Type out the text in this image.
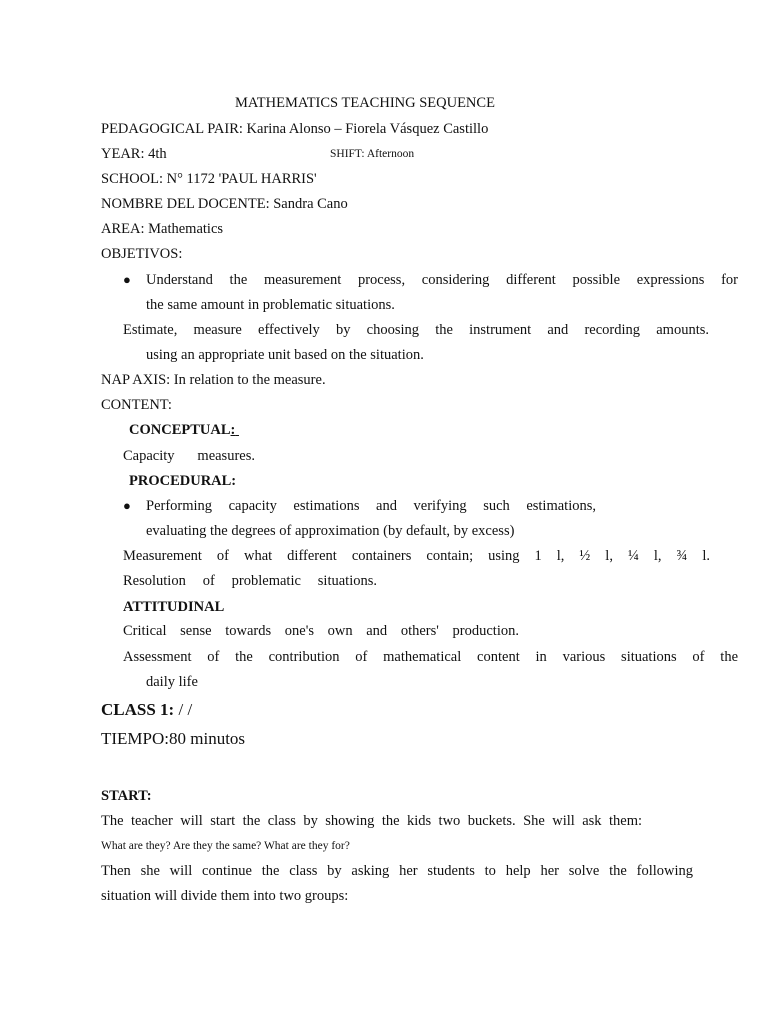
MATHEMATICS TEACHING SEQUENCE
PEDAGOGICAL PAIR: Karina Alonso – Fiorela Vásquez Castillo
YEAR: 4th	SHIFT: Afternoon
SCHOOL: N° 1172 'PAUL HARRIS'
NOMBRE DEL DOCENTE: Sandra Cano
AREA: Mathematics
OBJETIVOS:
● Understand the measurement process, considering different possible expressions for
the same amount in problematic situations.
Estimate, measure effectively by choosing the instrument and recording amounts.
using an appropriate unit based on the situation.
NAP AXIS: In relation to the measure.
CONTENT:
CONCEPTUAL:
Capacity measures.
PROCEDURAL:
● Performing capacity estimations and verifying such estimations,
evaluating the degrees of approximation (by default, by excess)
Measurement of what different containers contain; using 1 l, ½ l, ¼ l, ¾ l.
Resolution of problematic situations.
ATTITUDINAL
Critical sense towards one's own and others' production.
Assessment of the contribution of mathematical content in various situations of the
daily life
CLASS 1: / /
TIEMPO:80 minutos
START:
The teacher will start the class by showing the kids two buckets. She will ask them:
What are they? Are they the same? What are they for?
Then she will continue the class by asking her students to help her solve the following
situation will divide them into two groups:
